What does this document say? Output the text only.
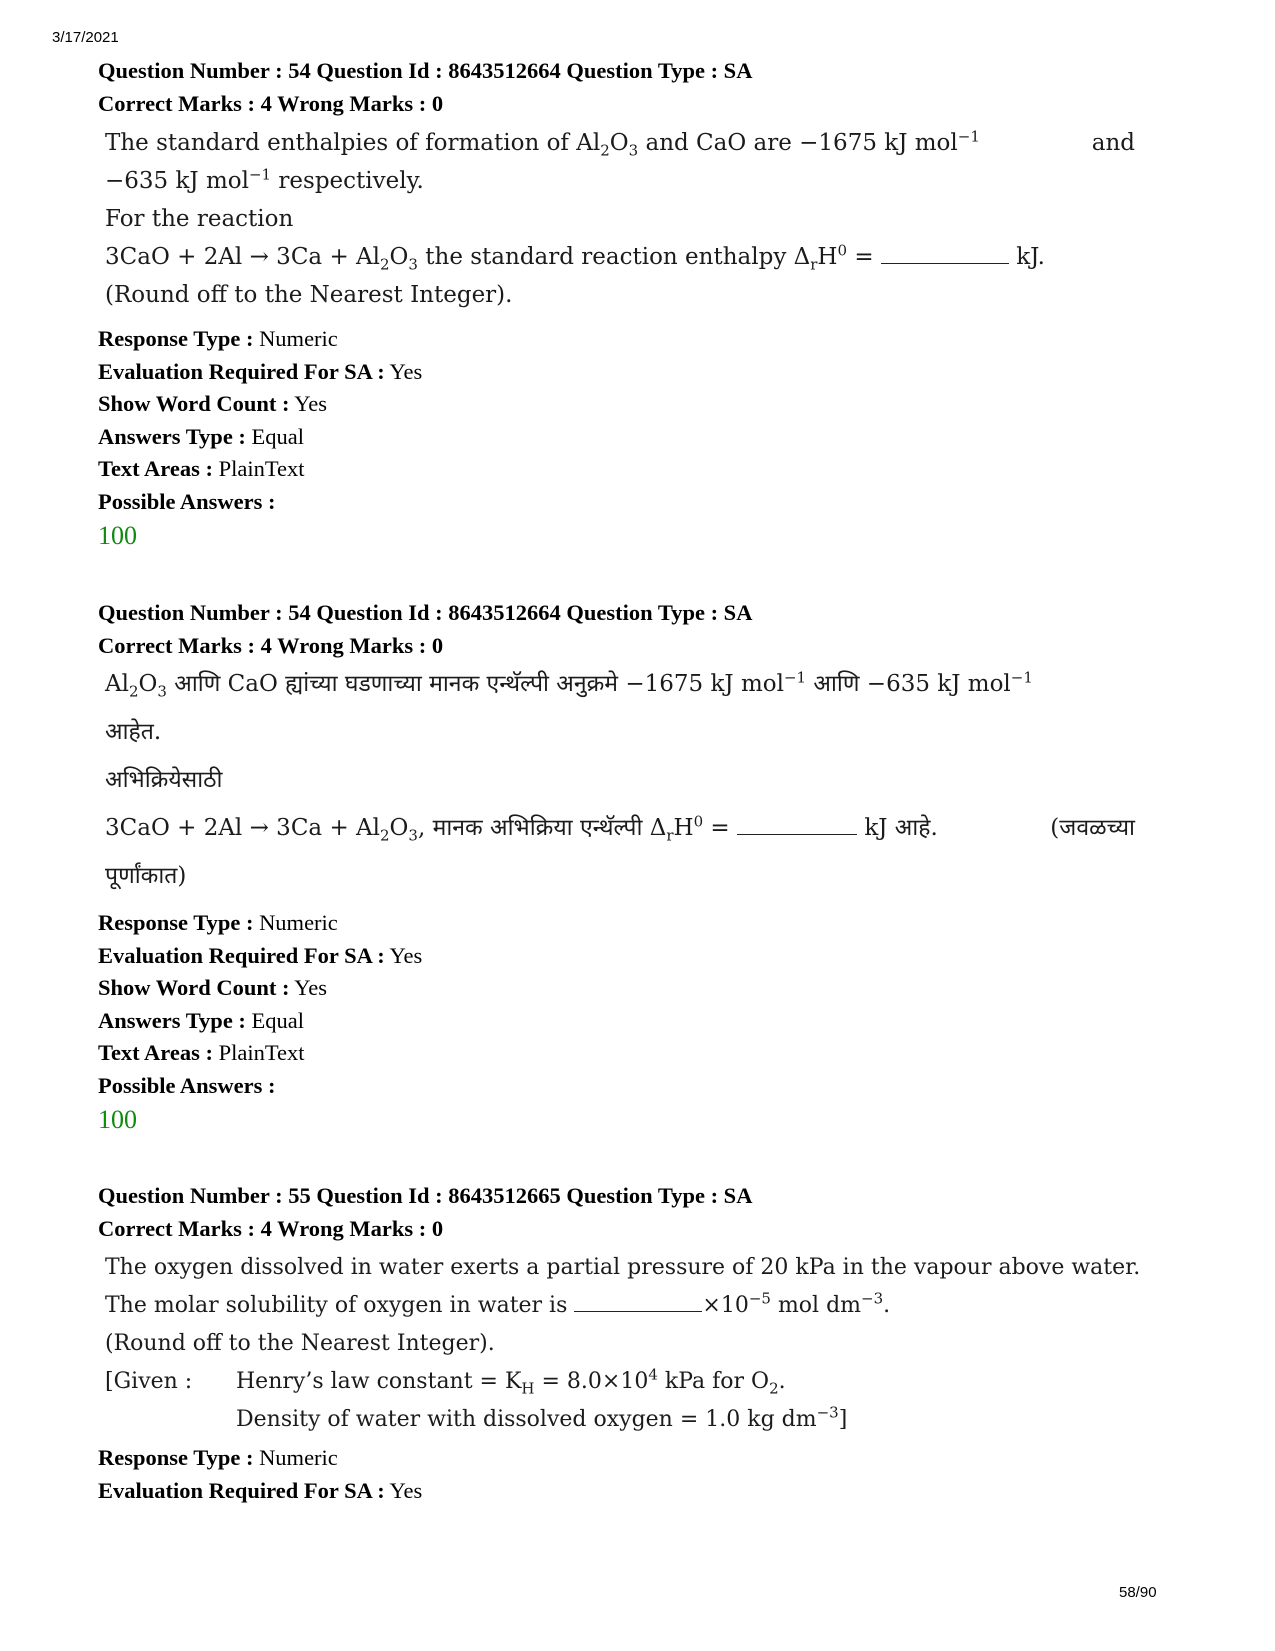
3/17/2021
Question Number : 54 Question Id : 8643512664 Question Type : SA
Correct Marks : 4 Wrong Marks : 0
The standard enthalpies of formation of $Al_2O_3$ and CaO are −1675 kJ mol$^{-1}$	and
−635 kJ mol$^{-1}$ respectively.
For the reaction
$3CaO + 2Al \to 3Ca + Al_2O_3$ the standard reaction enthalpy $\Delta_rH^0$ =	kJ.
(Round off to the Nearest Integer).
Response Type : Numeric
Evaluation Required For SA : Yes
Show Word Count : Yes
Answers Type : Equal
Text Areas : PlainText
Possible Answers :
100
Question Number : 54 Question Id : 8643512664 Question Type : SA
Correct Marks : 4 Wrong Marks : 0
$Al_2O_3$ आणि CaO ह्यांच्या घडणाच्या मानक एन्थॅल्पी अनुक्रमे −1675 kJ mol$^{-1}$ आणि −635 kJ mol$^{-1}$
आहेत.
अभिक्रियेसाठी
$3CaO + 2Al \to 3Ca + Al_2O_3$, मानक अभिक्रिया एन्थॅल्पी $\Delta_rH^0$ =	kJ आहे.	(जवळच्या
पूर्णांकात)
Response Type : Numeric
Evaluation Required For SA : Yes
Show Word Count : Yes
Answers Type : Equal
Text Areas : PlainText
Possible Answers :
100
Question Number : 55 Question Id : 8643512665 Question Type : SA
Correct Marks : 4 Wrong Marks : 0
The oxygen dissolved in water exerts a partial pressure of 20 kPa in the vapour above water.
The molar solubility of oxygen in water is	$\times 10^{-5}$ mol $dm^{-3}$.
(Round off to the Nearest Integer).
[Given : Henry’s law constant = $K_H = 8.0\times 10^4$ kPa for $O_2$.
Density of water with dissolved oxygen = 1.0 kg $dm^{-3}$]
Response Type : Numeric
Evaluation Required For SA : Yes
58/90
